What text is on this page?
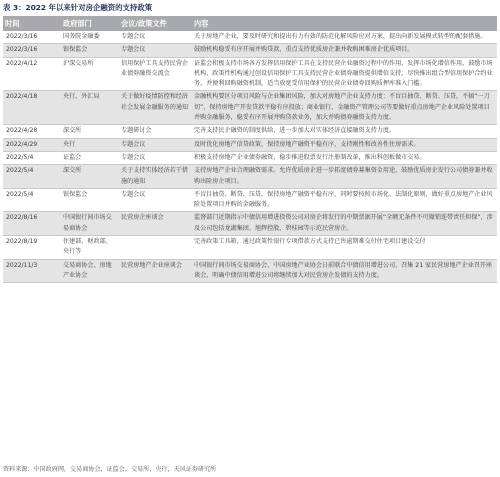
表 3：2022 年以来针对房企融资的支持政策
时间	政府部门	会议/政策文件	内容
2022/3/16	国务院金融委	专题会议	关于房地产企业，要及时研究和提出有力有效的防范化解风险应对方案，提出向新发展模式转型的配套措施。
2022/3/16	银保监会	专题会议	鼓励机构稳妥有序开展并购贷款，重点支持优质房企兼并收购困难房企优质项目。
2022/4/12	沪深交易所	信用保护工具支持民营企业债券融资交流会	证监会积极支持市场各方发挥信用保护工具在支持民营企业融资过程中的作用，发挥市场化增信作用，鼓励市场机构、政策性机构通过创设信用保护工具支持民营企业债券融资提供增信支持，尽快推出组合型信用保护合约业务，并便利回购融资机制，适当放宽受信用保护的民营企业债券回购质押库准入门槛。
2022/4/18	央行、外汇局	关于做好疫情防控和经济社会发展金融服务的通知	金融机构要区分项目风险与企业集团风险，加大对房地产企业支持力度：不盲目抽贷、断贷、压贷，不搞“一刀切”，保持房地产开发贷款平稳有序投放；商业银行、金融资产管理公司等要做好重点房地产企业风险处置项目并购金融服务，稳妥有序开展并购贷款业务，加大并购债券融资支持力度。
2022/4/28	深交所	专题研讨会	完善支持民企融资的制度供给，进一步加大对实体经济直接融资支持力度。
2022/4/29	央行	专题会议	及时优化房地产信贷政策，保持房地产融资平稳有序，支持刚性和改善性住房需求。
2022/5/4	证监会	专题会议	积极支持房地产企业债券融资，稳步推进股票发行注册制改革，推出科创板做市交易。
2022/5/4	深交所	关于支持实体经济若干措施的通知	支持房地产企业合理融资需求。允许优质房企进一步拓宽债券募集资金用途，鼓励优质房企发行公司债券兼并收购出险房企项目。
2022/5/4	银保监会	专题会议	不盲目抽贷、断贷、压贷，保持房地产融资平稳有序，同时要按照市场化、法制化原则，做好重点房地产企业风险处置项目并购的金融服务。
2022/8/16	中国银行间市场交易商协会	民营房企座谈会	监督部门近期指示中债信用增进投资公司对房企将发行的中期票据开展“全额无条件不可撤销连带责任担保”，涉及公司包括龙湖集团、旭辉控股、碧桂园等示范民营房企。
2022/8/19	住建部、财政部、央行等		完善政策工具箱，通过政策性银行专项借款方式支持已售逾期难交付住宅项目建设交付
2022/11/3	交易商协会、房地产业协会	民营房地产企业座谈会	中国银行间市场交易商协会、中国房地产业协会日前联合中债信用增进公司，召集 21 家民营房地产企业召开座谈会，明确中债信用增进公司将继续加大对民营房企发债的支持力度。
资料来源：中国政府网，交易商协会，证监会，交易所，央行，天风证券研究所
